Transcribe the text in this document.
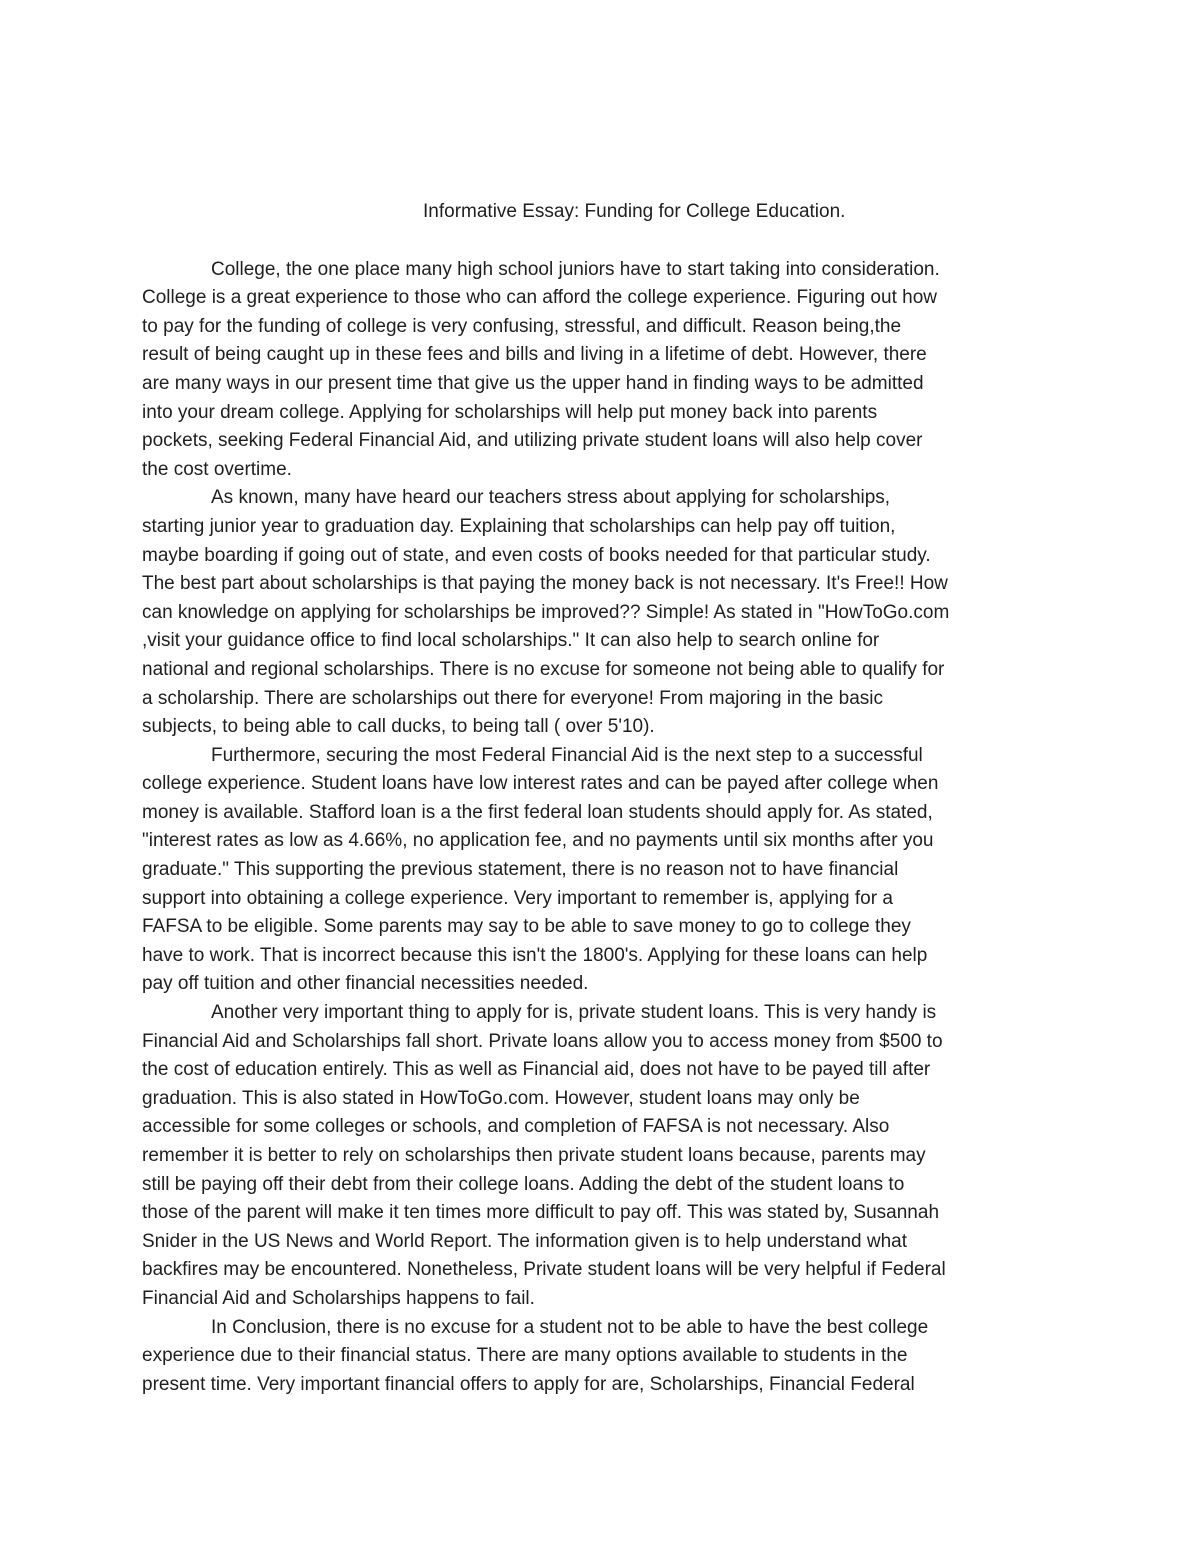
Informative Essay: Funding for College Education.
College, the one place many high school juniors have to start taking into consideration.
College is a great experience to those who can afford the college experience. Figuring out how
to pay for the funding of college is very confusing, stressful, and difficult. Reason being,the
result of being caught up in these fees and bills and living in a lifetime of debt. However, there
are many ways in our present time that give us the upper hand in finding ways to be admitted
into your dream college. Applying for scholarships will help put money back into parents
pockets, seeking Federal Financial Aid, and utilizing private student loans will also help cover
the cost overtime.
As known, many have heard our teachers stress about applying for scholarships,
starting junior year to graduation day. Explaining that scholarships can help pay off tuition,
maybe boarding if going out of state, and even costs of books needed for that particular study.
The best part about scholarships is that paying the money back is not necessary. It's Free!! How
can knowledge on applying for scholarships be improved?? Simple! As stated in "HowToGo.com
,visit your guidance office to find local scholarships." It can also help to search online for
national and regional scholarships. There is no excuse for someone not being able to qualify for
a scholarship. There are scholarships out there for everyone! From majoring in the basic
subjects, to being able to call ducks, to being tall ( over 5'10).
Furthermore, securing the most Federal Financial Aid is the next step to a successful
college experience. Student loans have low interest rates and can be payed after college when
money is available. Stafford loan is a the first federal loan students should apply for. As stated,
"interest rates as low as 4.66%, no application fee, and no payments until six months after you
graduate." This supporting the previous statement, there is no reason not to have financial
support into obtaining a college experience. Very important to remember is, applying for a
FAFSA to be eligible. Some parents may say to be able to save money to go to college they
have to work. That is incorrect because this isn't the 1800's. Applying for these loans can help
pay off tuition and other financial necessities needed.
Another very important thing to apply for is, private student loans. This is very handy is
Financial Aid and Scholarships fall short. Private loans allow you to access money from $500 to
the cost of education entirely. This as well as Financial aid, does not have to be payed till after
graduation. This is also stated in HowToGo.com. However, student loans may only be
accessible for some colleges or schools, and completion of FAFSA is not necessary. Also
remember it is better to rely on scholarships then private student loans because, parents may
still be paying off their debt from their college loans. Adding the debt of the student loans to
those of the parent will make it ten times more difficult to pay off. This was stated by, Susannah
Snider in the US News and World Report. The information given is to help understand what
backfires may be encountered. Nonetheless, Private student loans will be very helpful if Federal
Financial Aid and Scholarships happens to fail.
In Conclusion, there is no excuse for a student not to be able to have the best college
experience due to their financial status. There are many options available to students in the
present time. Very important financial offers to apply for are, Scholarships, Financial Federal
